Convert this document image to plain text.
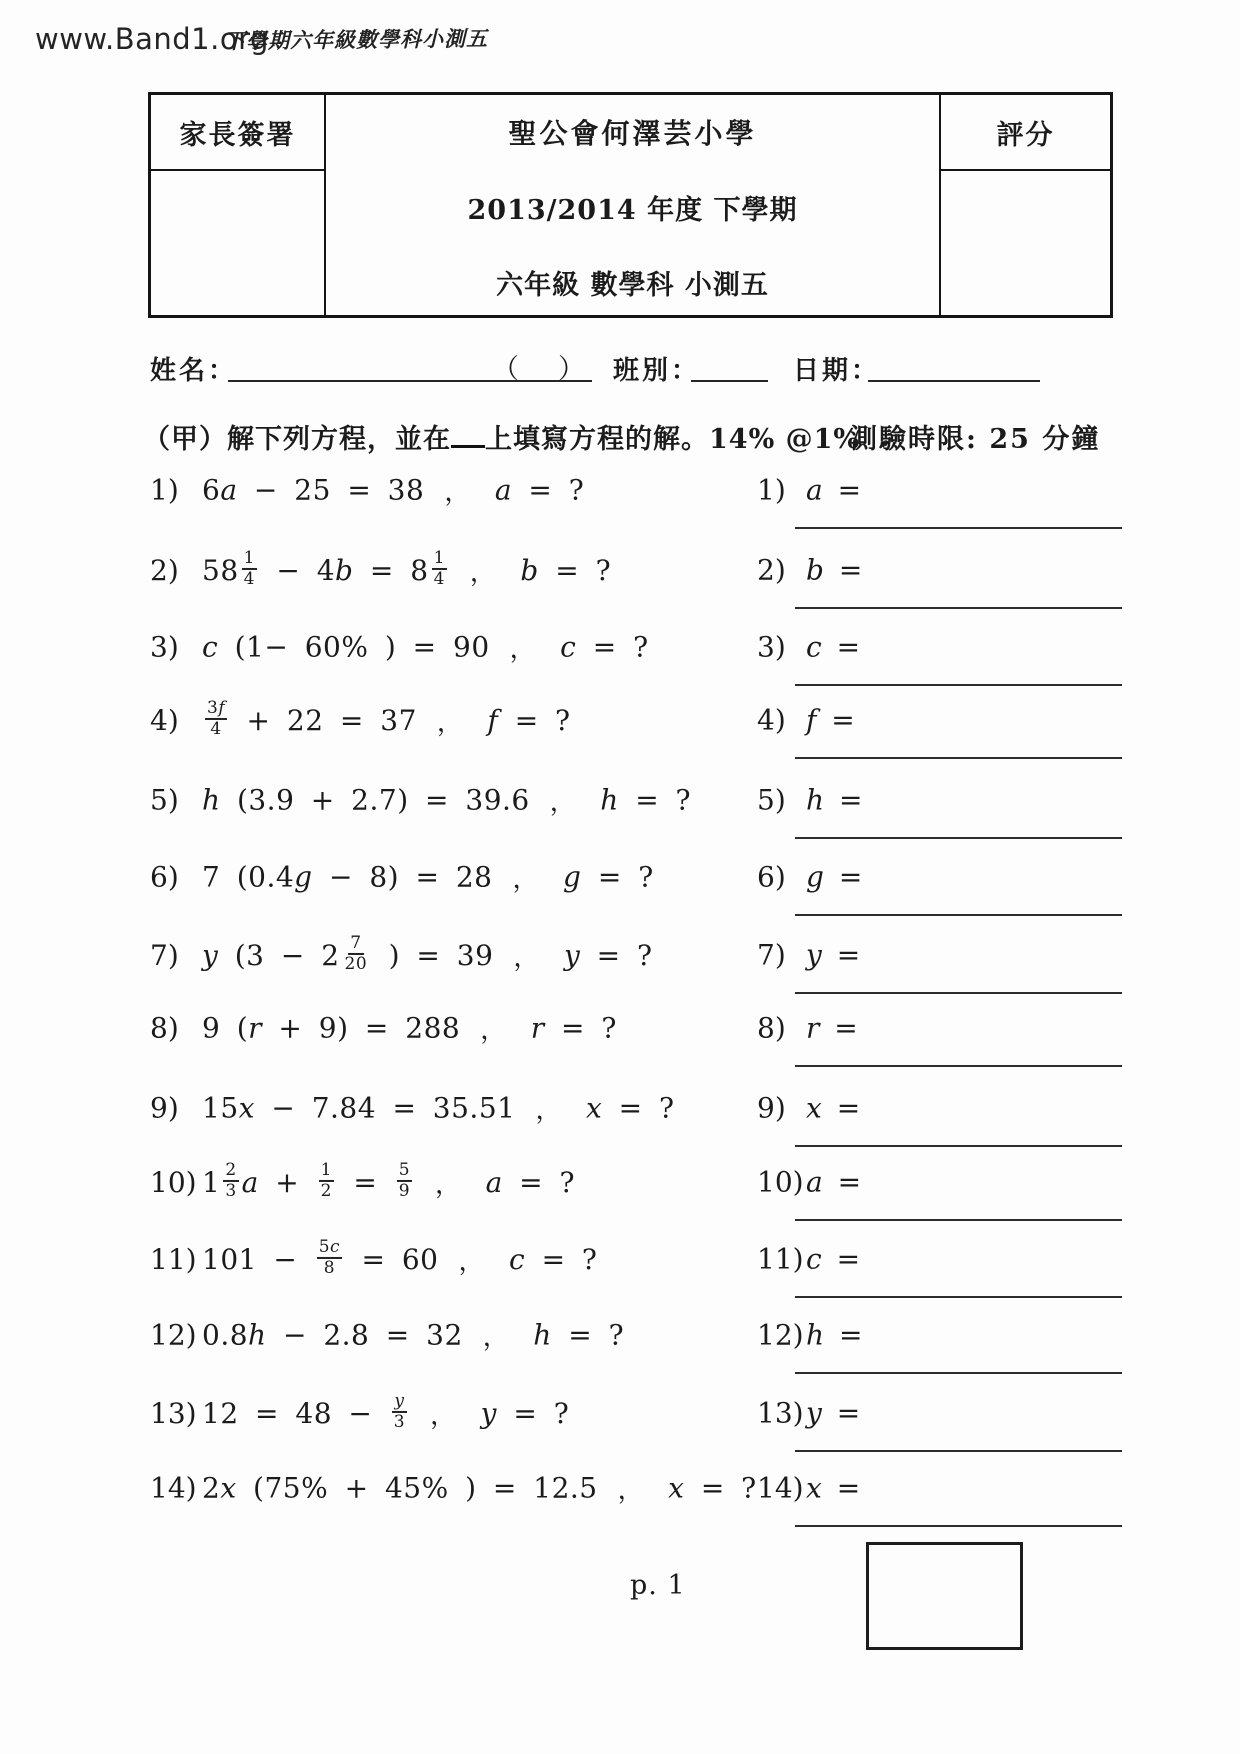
www.Band1.org
下學期六年級數學科小測五
家長簽署	聖公會何澤芸小學
2013/2014 年度 下學期
六年級 數學科 小測五
評分
姓名：	（　） 班別：	日期：
（甲）解下列方程，並在 上填寫方程的解。14% @1%
測驗時限: 25 分鐘
p. 1
1) 6 a − 25 = 38 ， a = ?	1) a =
2) $58 \frac{1}{4} - 4$ $b = 8 \frac{1}{4}$ ， b = ?	2) b =
3) c (1− 60% ) = 90 ， c = ?	3) c =
4)	$\frac{3f}{4} + 22 = 37$ ， f = ?	4) f =
5) h (3.9 + 2.7) = 39.6 ， h = ? 5) h =
6) 7 (0.4 g − 8) = 28 ， g = ?	6) g =
7) y ($3 - 2 \frac{7}{20}$ ) = 39 ， y = ?	7) y =
8) 9 ( r + 9) = 288 ， r = ?	8) r =
9) 15 x − 7.84 = 35.51 ， x = ?	9) x =
10) $1 \frac{2}{3}$ $a + \frac{1}{2} = \frac{5}{9}$ ， a = ?	10) a =
11) $101 - \frac{5c}{8} = 60$ ， c = ?	11) c =
12) 0.8 h − 2.8 = 32 ， h = ?	12) h =
13) $12 = 48 - \frac{y}{3}$ ， y = ?	13) y =
14) 2 x (75% + 45% ) = 12.5 ， x = ? 14) x =
